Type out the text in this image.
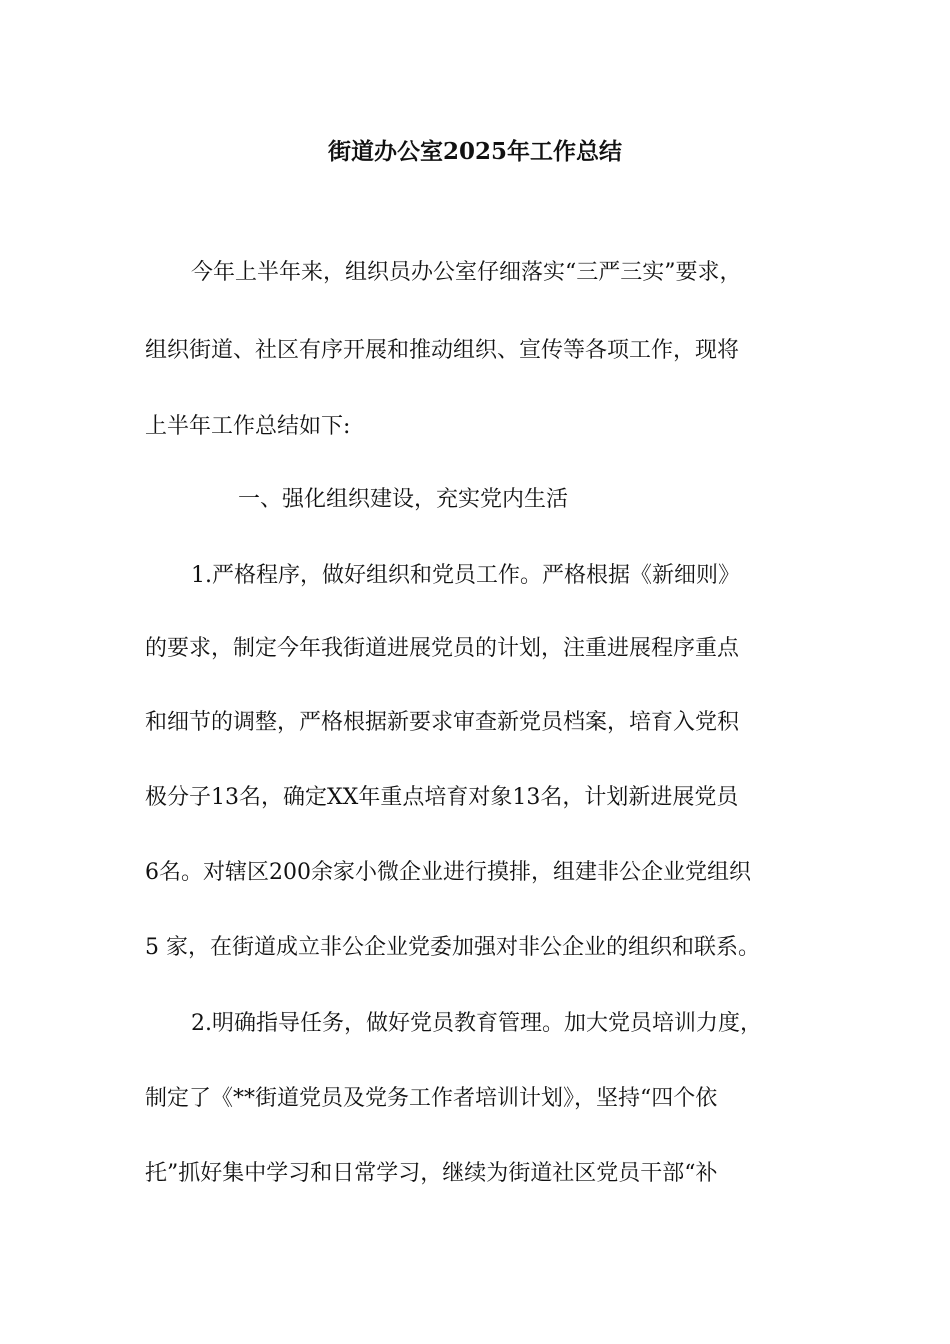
街道办公室2025年工作总结
今年上半年来，组织员办公室仔细落实“三严三实”要求，
组织街道、社区有序开展和推动组织、宣传等各项工作，现将
上半年工作总结如下:
一、强化组织建设，充实党内生活
1.严格程序，做好组织和党员工作。严格根据《新细则》
的要求，制定今年我街道进展党员的计划，注重进展程序重点
和细节的调整，严格根据新要求审查新党员档案，培育入党积
极分子13名，确定XX年重点培育对象13名，计划新进展党员
6名。对辖区200余家小微企业进行摸排，组建非公企业党组织
5 家，在街道成立非公企业党委加强对非公企业的组织和联系。
2.明确指导任务，做好党员教育管理。加大党员培训力度，
制定了《**街道党员及党务工作者培训计划》，坚持“四个依
托”抓好集中学习和日常学习，继续为街道社区党员干部“补
